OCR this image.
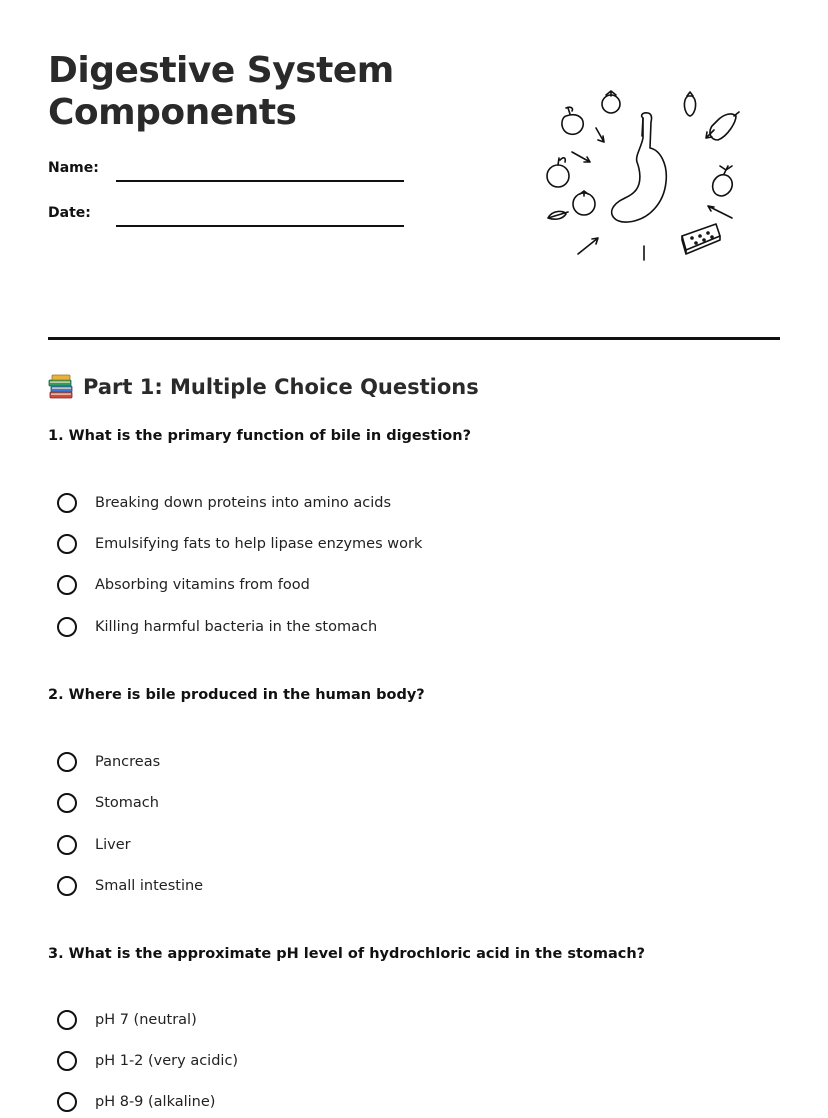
Digestive System
Components
Name:
Date:
Part 1: Multiple Choice Questions

1. What is the primary function of bile in digestion?

Breaking down proteins into amino acids
Emulsifying fats to help lipase enzymes work
Absorbing vitamins from food
Killing harmful bacteria in the stomach

2. Where is bile produced in the human body?

Pancreas
Stomach
Liver
Small intestine

3. What is the approximate pH level of hydrochloric acid in the stomach?

pH 7 (neutral)
pH 1-2 (very acidic)
pH 8-9 (alkaline)
